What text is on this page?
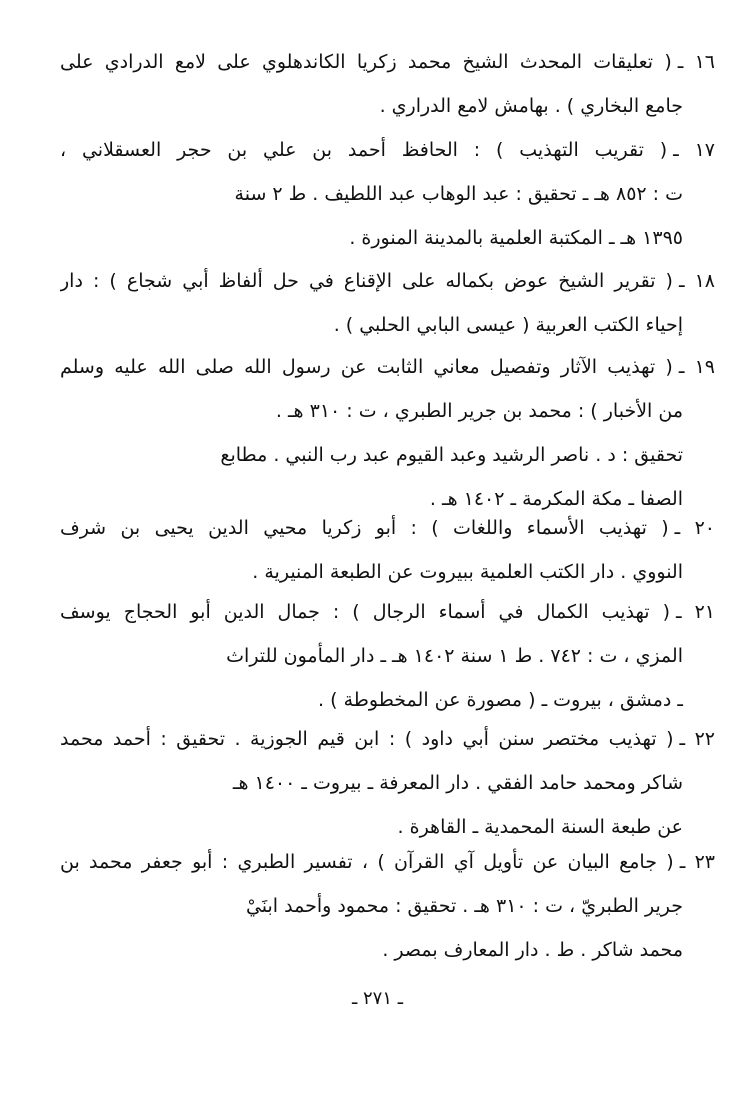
١٦ ـ( تعليقات المحدث الشيخ محمد زكريا الكاندهلوي على لامع الدرادي على
جامع البخاري ) . بهامش لامع الدراري .
١٧ ـ( تقريب التهذيب ) : الحافظ أحمد بن علي بن حجر العسقلاني ،
ت : ٨٥٢ هـ ـ تحقيق : عبد الوهاب عبد اللطيف . ط ٢ سنة
١٣٩٥ هـ ـ المكتبة العلمية بالمدينة المنورة .
١٨ ـ( تقرير الشيخ عوض بكماله على الإقناع في حل ألفاظ أبي شجاع ) : دار
إحياء الكتب العربية ( عيسى البابي الحلبي ) .
١٩ ـ( تهذيب الآثار وتفصيل معاني الثابت عن رسول الله صلى الله عليه وسلم
من الأخبار ) : محمد بن جرير الطبري ، ت : ٣١٠ هـ .
تحقيق : د . ناصر الرشيد وعبد القيوم عبد رب النبي . مطابع
الصفا ـ مكة المكرمة ـ ١٤٠٢ هـ .
٢٠ ـ( تهذيب الأسماء واللغات ) : أبو زكريا محيي الدين يحيى بن شرف
النووي . دار الكتب العلمية ببيروت عن الطبعة المنيرية .
٢١ ـ( تهذيب الكمال في أسماء الرجال ) : جمال الدين أبو الحجاج يوسف
المزي ، ت : ٧٤٢ . ط ١ سنة ١٤٠٢ هـ ـ دار المأمون للتراث
ـ دمشق ، بيروت ـ ( مصورة عن المخطوطة ) .
٢٢ ـ( تهذيب مختصر سنن أبي داود ) : ابن قيم الجوزية . تحقيق : أحمد محمد
شاكر ومحمد حامد الفقي . دار المعرفة ـ بيروت ـ ١٤٠٠ هـ
عن طبعة السنة المحمدية ـ القاهرة .
٢٣ ـ( جامع البيان عن تأويل آي القرآن ) ، تفسير الطبري : أبو جعفر محمد بن
جرير الطبريّ ، ت : ٣١٠ هـ . تحقيق : محمود وأحمد ابنَيْ
محمد شاكر . ط . دار المعارف بمصر .
ـ ٢٧١ ـ
